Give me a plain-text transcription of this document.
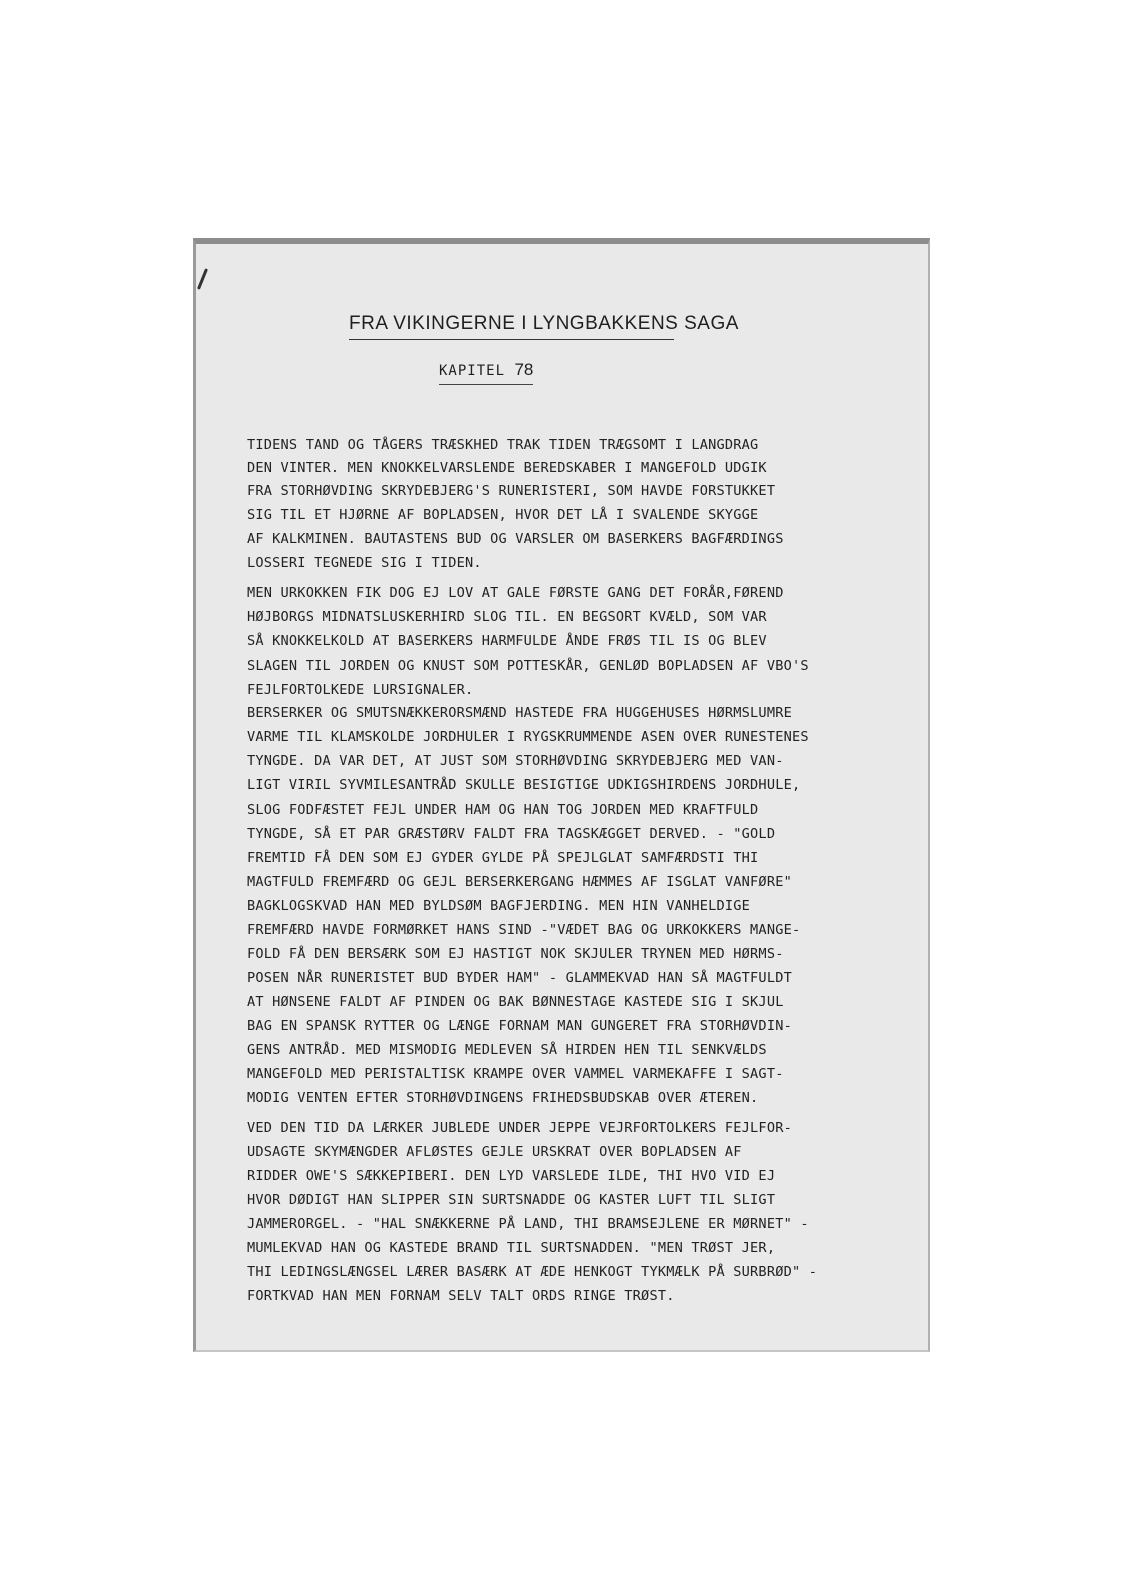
FRA VIKINGERNE I LYNGBAKKENS SAGA
KAPITEL 78
TIDENS TAND OG TÅGERS TRÆSKHED TRAK TIDEN TRÆGSOMT I LANGDRAG
DEN VINTER. MEN KNOKKELVARSLENDE BEREDSKABER I MANGEFOLD UDGIK
FRA STORHØVDING SKRYDEBJERG'S RUNERISTERI, SOM HAVDE FORSTUKKET
SIG TIL ET HJØRNE AF BOPLADSEN, HVOR DET LÅ I SVALENDE SKYGGE
AF KALKMINEN. BAUTASTENS BUD OG VARSLER OM BASERKERS BAGFÆRDINGS
LOSSERI TEGNEDE SIG I TIDEN.
MEN URKOKKEN FIK DOG EJ LOV AT GALE FØRSTE GANG DET FORÅR,FØREND
HØJBORGS MIDNATSLUSKERHIRD SLOG TIL. EN BEGSORT KVÆLD, SOM VAR
SÅ KNOKKELKOLD AT BASERKERS HARMFULDE ÅNDE FRØS TIL IS OG BLEV
SLAGEN TIL JORDEN OG KNUST SOM POTTESKÅR, GENLØD BOPLADSEN AF VBO'S
FEJLFORTOLKEDE LURSIGNALER.
BERSERKER OG SMUTSNÆKKERORSMÆND HASTEDE FRA HUGGEHUSES HØRMSLUMRE
VARME TIL KLAMSKOLDE JORDHULER I RYGSKRUMMENDE ASEN OVER RUNESTENES
TYNGDE. DA VAR DET, AT JUST SOM STORHØVDING SKRYDEBJERG MED VAN-
LIGT VIRIL SYVMILESANTRÅD SKULLE BESIGTIGE UDKIGSHIRDENS JORDHULE,
SLOG FODFÆSTET FEJL UNDER HAM OG HAN TOG JORDEN MED KRAFTFULD
TYNGDE, SÅ ET PAR GRÆSTØRV FALDT FRA TAGSKÆGGET DERVED. - "GOLD
FREMTID FÅ DEN SOM EJ GYDER GYLDE PÅ SPEJLGLAT SAMFÆRDSTI THI
MAGTFULD FREMFÆRD OG GEJL BERSERKERGANG HÆMMES AF ISGLAT VANFØRE"
BAGKLOGSKVAD HAN MED BYLDSØM BAGFJERDING. MEN HIN VANHELDIGE
FREMFÆRD HAVDE FORMØRKET HANS SIND -"VÆDET BAG OG URKOKKERS MANGE-
FOLD FÅ DEN BERSÆRK SOM EJ HASTIGT NOK SKJULER TRYNEN MED HØRMS-
POSEN NÅR RUNERISTET BUD BYDER HAM" - GLAMMEKVAD HAN SÅ MAGTFULDT
AT HØNSENE FALDT AF PINDEN OG BAK BØNNESTAGE KASTEDE SIG I SKJUL
BAG EN SPANSK RYTTER OG LÆNGE FORNAM MAN GUNGERET FRA STORHØVDIN-
GENS ANTRÅD. MED MISMODIG MEDLEVEN SÅ HIRDEN HEN TIL SENKVÆLDS
MANGEFOLD MED PERISTALTISK KRAMPE OVER VAMMEL VARMEKAFFE I SAGT-
MODIG VENTEN EFTER STORHØVDINGENS FRIHEDSBUDSKAB OVER ÆTEREN.
VED DEN TID DA LÆRKER JUBLEDE UNDER JEPPE VEJRFORTOLKERS FEJLFOR-
UDSAGTE SKYMÆNGDER AFLØSTES GEJLE URSKRAT OVER BOPLADSEN AF
RIDDER OWE'S SÆKKEPIBERI. DEN LYD VARSLEDE ILDE, THI HVO VID EJ
HVOR DØDIGT HAN SLIPPER SIN SURTSNADDE OG KASTER LUFT TIL SLIGT
JAMMERORGEL. - "HAL SNÆKKERNE PÅ LAND, THI BRAMSEJLENE ER MØRNET" -
MUMLEKVAD HAN OG KASTEDE BRAND TIL SURTSNADDEN. "MEN TRØST JER,
THI LEDINGSLÆNGSEL LÆRER BASÆRK AT ÆDE HENKOGT TYKMÆLK PÅ SURBRØD" -
FORTKVAD HAN MEN FORNAM SELV TALT ORDS RINGE TRØST.
